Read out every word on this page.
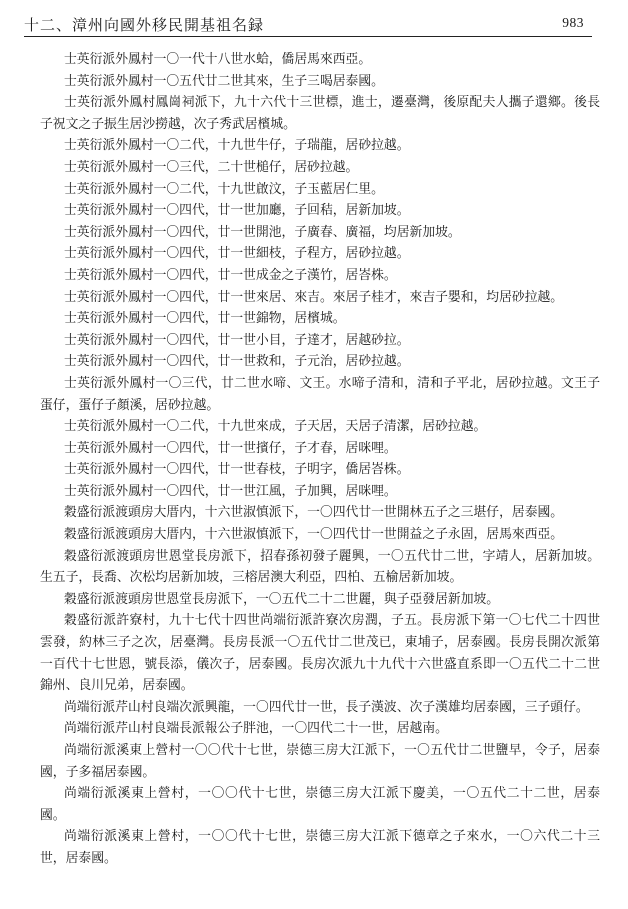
十二、漳州向國外移民開基祖名録	983

士英衍派外鳳村一〇一代十八世水蛤，僑居馬來西亞。

士英衍派外鳳村一〇五代廿二世其來，生子三喝居泰國。

士英衍派外鳳村鳳崗祠派下，九十六代十三世標，進士，遷臺灣，後原配夫人攜子還鄉。後長子祝文之子振生居沙撈越，次子秀武居檳城。

士英衍派外鳳村一〇二代，十九世牛仔，子瑞龍，居砂拉越。

士英衍派外鳳村一〇三代，二十世槌仔，居砂拉越。

士英衍派外鳳村一〇二代，十九世啟汶，子玉藍居仁里。

士英衍派外鳳村一〇四代，廿一世加廳，子回秸，居新加坡。

士英衍派外鳳村一〇四代，廿一世開池，子廣春、廣福，均居新加坡。

士英衍派外鳳村一〇四代，廿一世細枝，子程方，居砂拉越。

士英衍派外鳳村一〇四代，廿一世成金之子漢竹，居峇株。

士英衍派外鳳村一〇四代，廿一世來居、來吉。來居子桂才，來吉子嬰和，均居砂拉越。

士英衍派外鳳村一〇四代，廿一世錦物，居檳城。

士英衍派外鳳村一〇四代，廿一世小目，子達才，居越砂拉。

士英衍派外鳳村一〇四代，廿一世救和，子元治，居砂拉越。

士英衍派外鳳村一〇三代，廿二世水啼、文王。水啼子清和，清和子平北，居砂拉越。文王子蛋仔，蛋仔子顏溪，居砂拉越。

士英衍派外鳳村一〇二代，十九世來成，子天居，天居子清潔，居砂拉越。

士英衍派外鳳村一〇四代，廿一世擯仔，子才春，居咪哩。

士英衍派外鳳村一〇四代，廿一世春枝，子明字，僑居峇株。

士英衍派外鳳村一〇四代，廿一世江風，子加興，居咪哩。

穀盛衍派渡頭房大厝内，十六世淑慎派下，一〇四代廿一世開林五子之三堪仔，居泰國。

穀盛衍派渡頭房大厝内，十六世淑慎派下，一〇四代廿一世開益之子永固，居馬來西亞。

穀盛衍派渡頭房世恩堂長房派下，招春孫初發子麗興，一〇五代廿二世，字靖人，居新加坡。生五子，長喬、次松均居新加坡，三榕居澳大利亞，四柏、五榆居新加坡。

穀盛衍派渡頭房世恩堂長房派下，一〇五代二十二世麗，與子亞發居新加坡。

穀盛衍派許寮村，九十七代十四世尚端衍派許寮次房潤，子五。長房派下第一〇七代二十四世雲發，約林三子之次，居臺灣。長房長派一〇五代廿二世茂已，東埔子，居泰國。長房長開次派第一百代十七世恩，號長添，儀次子，居泰國。長房次派九十九代十六世盛直系即一〇五代二十二世錦州、良川兄弟，居泰國。

尚端衍派芹山村良端次派興龍，一〇四代廿一世，長子漢波、次子漢雄均居泰國，三子頭仔。

尚端衍派芹山村良端長派報公子胖池，一〇四代二十一世，居越南。

尚端衍派溪東上營村一〇〇代十七世，崇德三房大江派下，一〇五代廿二世鹽早，令子，居泰國，子多福居泰國。

尚端衍派溪東上營村，一〇〇代十七世，崇德三房大江派下慶美，一〇五代二十二世，居泰國。

尚端衍派溪東上營村，一〇〇代十七世，崇德三房大江派下德章之子來水，一〇六代二十三世，居泰國。
